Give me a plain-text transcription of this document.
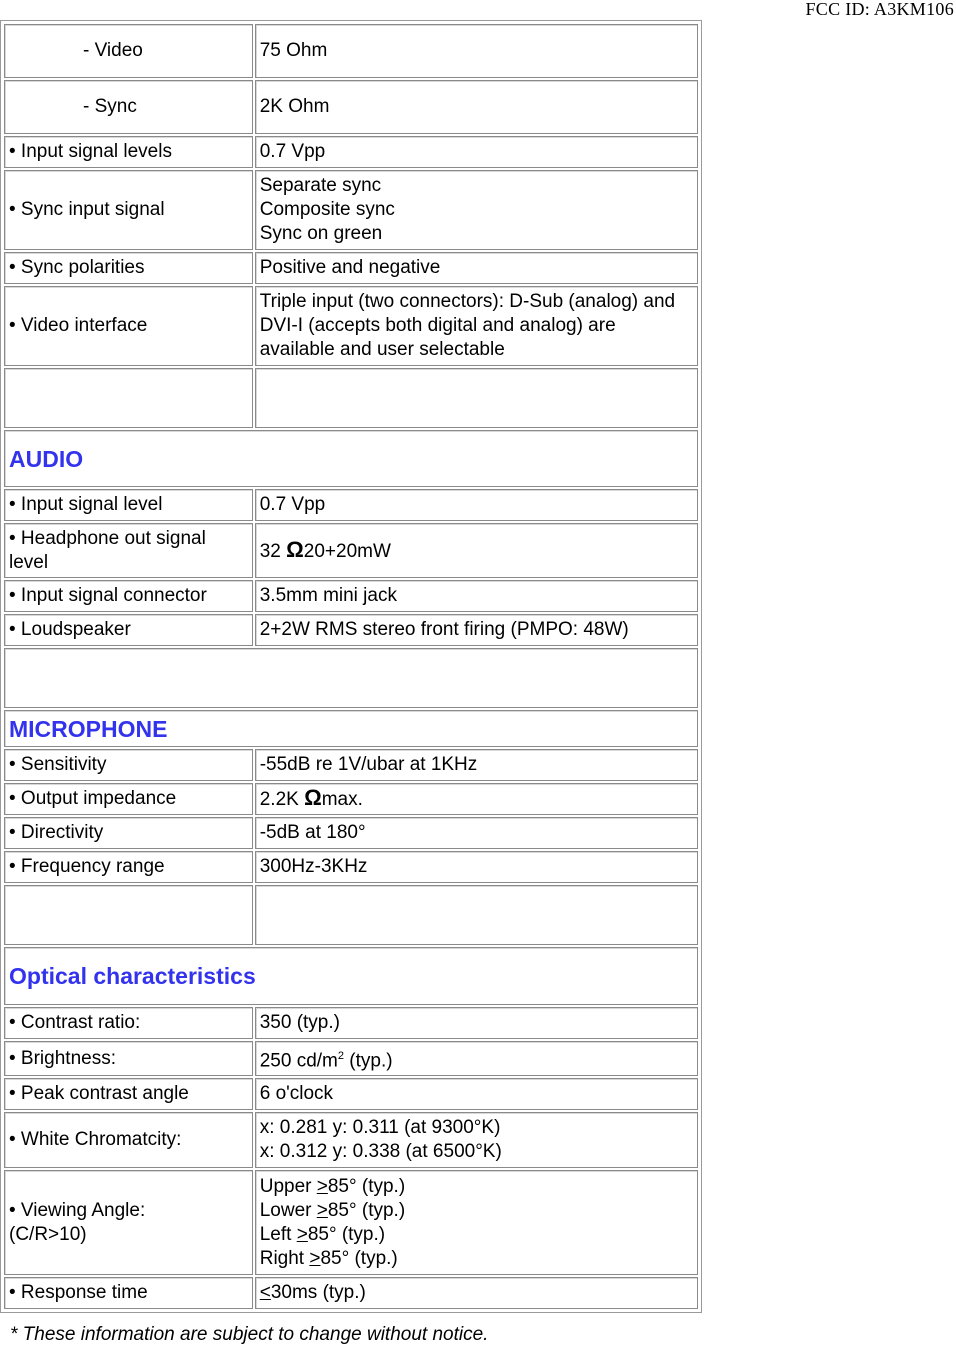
FCC ID: A3KM106
- Video	75 Ohm
- Sync	2K Ohm
• Input signal levels	0.7 Vpp
• Sync input signal	Separate sync
Composite sync
Sync on green

• Sync polarities	Positive and negative
• Video interface	Triple input (two connectors): D-Sub (analog) and DVI-I (accepts both digital and analog) are available and user selectable

AUDIO	
• Input signal level	0.7 Vpp
• Headphone out signal level	32 Ω20+20mW
• Input signal connector	3.5mm mini jack
• Loudspeaker	2+2W RMS stereo front firing (PMPO: 48W)

MICROPHONE	
• Sensitivity	-55dB re 1V/ubar at 1KHz
• Output impedance	2.2K Ωmax.
• Directivity	-5dB at 180°
• Frequency range	300Hz-3KHz

Optical characteristics	
• Contrast ratio:	350 (typ.)
• Brightness:	250 $cd/m^2$ (typ.)
• Peak contrast angle	6 o'clock
• White Chromatcity:	x: 0.281 y: 0.311 (at 9300°K)
x: 0.312 y: 0.338 (at 6500°K)

• Viewing Angle:
(C/R>10)	Upper ≥85° (typ.)
Lower ≥85° (typ.)
Left ≥85° (typ.)
Right ≥85° (typ.)

• Response time	≤30ms (typ.)
* These information are subject to change without notice.
